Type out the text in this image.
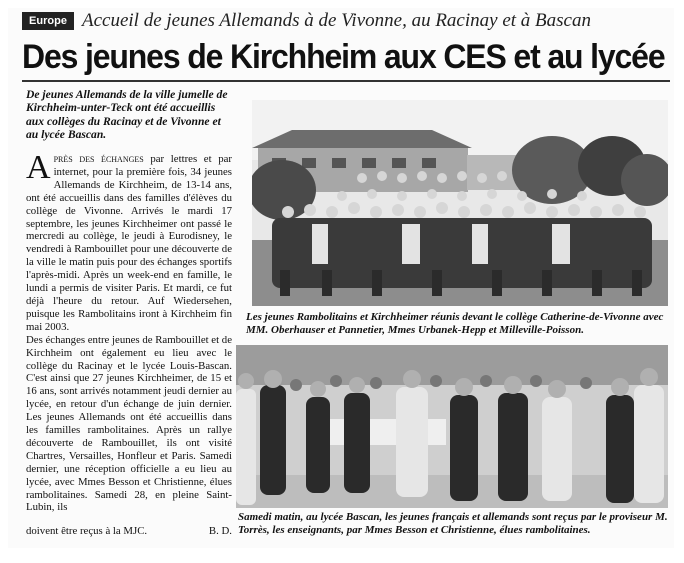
Europe Accueil de jeunes Allemands à de Vivonne, au Racinay et à Bascan
Des jeunes de Kirchheim aux CES et au lycée
De jeunes Allemands de la ville jumelle de Kirchheim-unter-Teck ont été accueillis aux collèges du Racinay et de Vivonne et au lycée Bascan.

Après des échanges par lettres et par internet, pour la première fois, 34 jeunes Allemands de Kirchheim, de 13-14 ans, ont été accueillis dans des familles d'élèves du collège de Vivonne. Arrivés le mardi 17 septembre, les jeunes Kirchheimer ont passé le mercredi au collège, le jeudi à Eurodisney, le vendredi à Rambouillet pour une découverte de la ville le matin puis pour des échanges sportifs l'après-midi. Après un week-end en famille, le lundi a permis de visiter Paris. Et mardi, ce fut déjà l'heure du retour. Auf Wiedersehen, puisque les Rambolitains iront à Kirchheim fin mai 2003.

Des échanges entre jeunes de Rambouillet et de Kirchheim ont également eu lieu avec le collège du Racinay et le lycée Louis-Bascan. C'est ainsi que 27 jeunes Kirchheimer, de 15 et 16 ans, sont arrivés notamment jeudi dernier au lycée, en retour d'un échange de juin dernier. Les jeunes Allemands ont été accueillis dans les familles rambolitaines. Après un rallye découverte de Rambouillet, ils ont visité Chartres, Versailles, Honfleur et Paris. Samedi dernier, une réception officielle a eu lieu au lycée, avec Mmes Besson et Christienne, élues rambolitaines. Samedi 28, en pleine Saint-Lubin, ils

doivent être reçus à la MJC.	B. D.
Les jeunes Rambolitains et Kirchheimer réunis devant le collège Catherine-de-Vivonne avec MM. Oberhauser et Pannetier, Mmes Urbanek-Hepp et Milleville-Poisson.
Samedi matin, au lycée Bascan, les jeunes français et allemands sont reçus par le proviseur M. Torrès, les enseignants, par Mmes Besson et Christienne, élues rambolitaines.
